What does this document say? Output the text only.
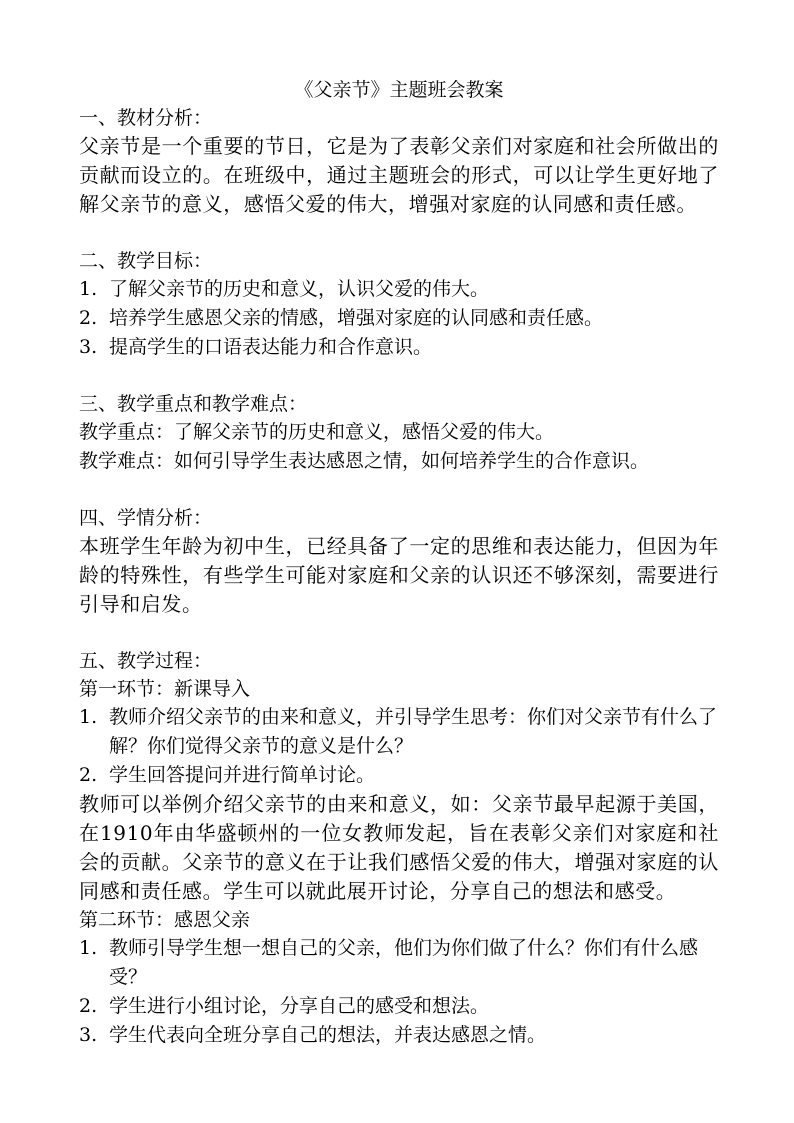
《父亲节》主题班会教案

一、教材分析：

父亲节是一个重要的节日，它是为了表彰父亲们对家庭和社会所做出的贡献而设立的。在班级中，通过主题班会的形式，可以让学生更好地了解父亲节的意义，感悟父爱的伟大，增强对家庭的认同感和责任感。

二、教学目标：

1. 了解父亲节的历史和意义，认识父爱的伟大。
2. 培养学生感恩父亲的情感，增强对家庭的认同感和责任感。
3. 提高学生的口语表达能力和合作意识。

三、教学重点和教学难点：

教学重点：了解父亲节的历史和意义，感悟父爱的伟大。

教学难点：如何引导学生表达感恩之情，如何培养学生的合作意识。

四、学情分析：

本班学生年龄为初中生，已经具备了一定的思维和表达能力，但因为年龄的特殊性，有些学生可能对家庭和父亲的认识还不够深刻，需要进行引导和启发。

五、教学过程：

第一环节：新课导入

1. 教师介绍父亲节的由来和意义，并引导学生思考：你们对父亲节有什么了解？你们觉得父亲节的意义是什么？
2. 学生回答提问并进行简单讨论。

教师可以举例介绍父亲节的由来和意义，如：父亲节最早起源于美国，在1910年由华盛顿州的一位女教师发起，旨在表彰父亲们对家庭和社会的贡献。父亲节的意义在于让我们感悟父爱的伟大，增强对家庭的认同感和责任感。学生可以就此展开讨论，分享自己的想法和感受。

第二环节：感恩父亲

1. 教师引导学生想一想自己的父亲，他们为你们做了什么？你们有什么感受？
2. 学生进行小组讨论，分享自己的感受和想法。
3. 学生代表向全班分享自己的想法，并表达感恩之情。
